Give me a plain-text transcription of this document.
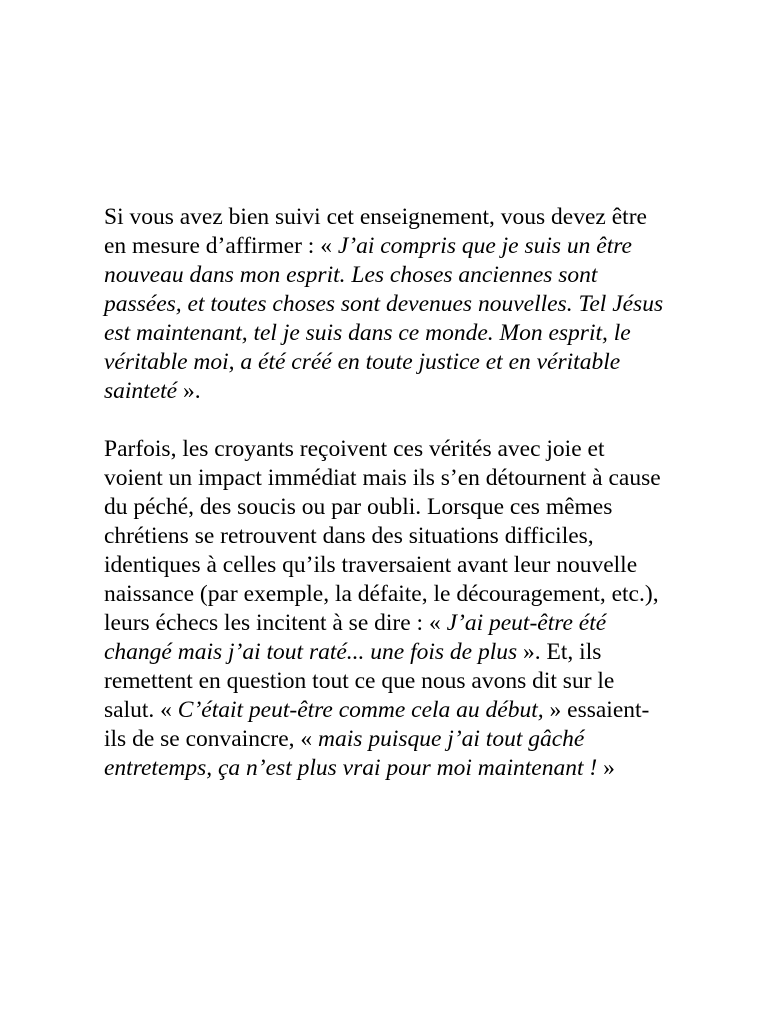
Si vous avez bien suivi cet enseignement, vous devez être en mesure d’affirmer : « J’ai compris que je suis un être nouveau dans mon esprit. Les choses anciennes sont passées, et toutes choses sont devenues nouvelles. Tel Jésus est maintenant, tel je suis dans ce monde. Mon esprit, le véritable moi, a été créé en toute justice et en véritable sainteté ».

Parfois, les croyants reçoivent ces vérités avec joie et voient un impact immédiat mais ils s’en détournent à cause du péché, des soucis ou par oubli. Lorsque ces mêmes chrétiens se retrouvent dans des situations difficiles, identiques à celles qu’ils traversaient avant leur nouvelle naissance (par exemple, la défaite, le découragement, etc.), leurs échecs les incitent à se dire : « J’ai peut-être été changé mais j’ai tout raté... une fois de plus ». Et, ils remettent en question tout ce que nous avons dit sur le salut. « C’était peut-être comme cela au début, » essaient-ils de se convaincre, « mais puisque j’ai tout gâché entretemps, ça n’est plus vrai pour moi maintenant ! »
